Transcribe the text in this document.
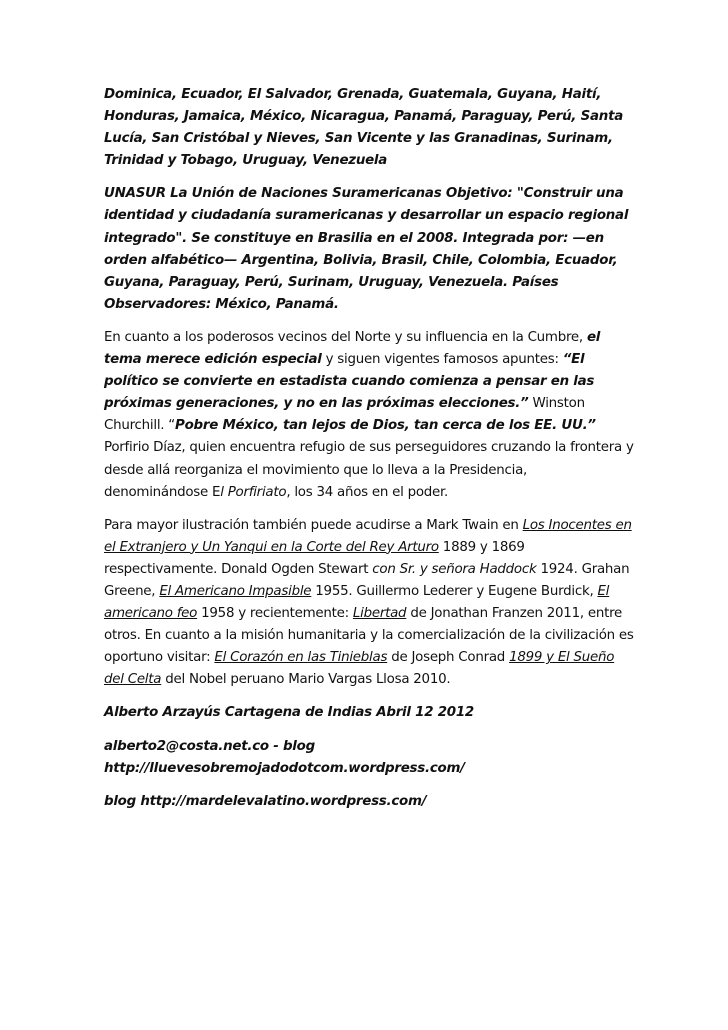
Dominica, Ecuador, El Salvador, Grenada, Guatemala, Guyana, Haití, Honduras, Jamaica, México, Nicaragua, Panamá, Paraguay, Perú, Santa Lucía, San Cristóbal y Nieves, San Vicente y las Granadinas, Surinam, Trinidad y Tobago, Uruguay, Venezuela

UNASUR La Unión de Naciones Suramericanas Objetivo: "Construir una identidad y ciudadanía suramericanas y desarrollar un espacio regional integrado". Se constituye en Brasilia en el 2008. Integrada por: —en orden alfabético— Argentina, Bolivia, Brasil, Chile, Colombia, Ecuador, Guyana, Paraguay, Perú, Surinam, Uruguay, Venezuela. Países Observadores: México, Panamá.

En cuanto a los poderosos vecinos del Norte y su influencia en la Cumbre, el tema merece edición especial y siguen vigentes famosos apuntes: “El político se convierte en estadista cuando comienza a pensar en las próximas generaciones, y no en las próximas elecciones.” Winston Churchill. “Pobre México, tan lejos de Dios, tan cerca de los EE. UU.” Porfirio Díaz, quien encuentra refugio de sus perseguidores cruzando la frontera y desde allá reorganiza el movimiento que lo lleva a la Presidencia, denominándose El Porfiriato, los 34 años en el poder.

Para mayor ilustración también puede acudirse a Mark Twain en Los Inocentes en el Extranjero y Un Yanqui en la Corte del Rey Arturo 1889 y 1869 respectivamente. Donald Ogden Stewart con Sr. y señora Haddock 1924. Grahan Greene, El Americano Impasible 1955. Guillermo Lederer y Eugene Burdick, El americano feo 1958 y recientemente: Libertad de Jonathan Franzen 2011, entre otros. En cuanto a la misión humanitaria y la comercialización de la civilización es oportuno visitar: El Corazón en las Tinieblas de Joseph Conrad 1899 y El Sueño del Celta del Nobel peruano Mario Vargas Llosa 2010.

Alberto Arzayús Cartagena de Indias Abril 12 2012

alberto2@costa.net.co - blog http://lluevesobremojadodotcom.wordpress.com/

blog http://mardelevalatino.wordpress.com/
